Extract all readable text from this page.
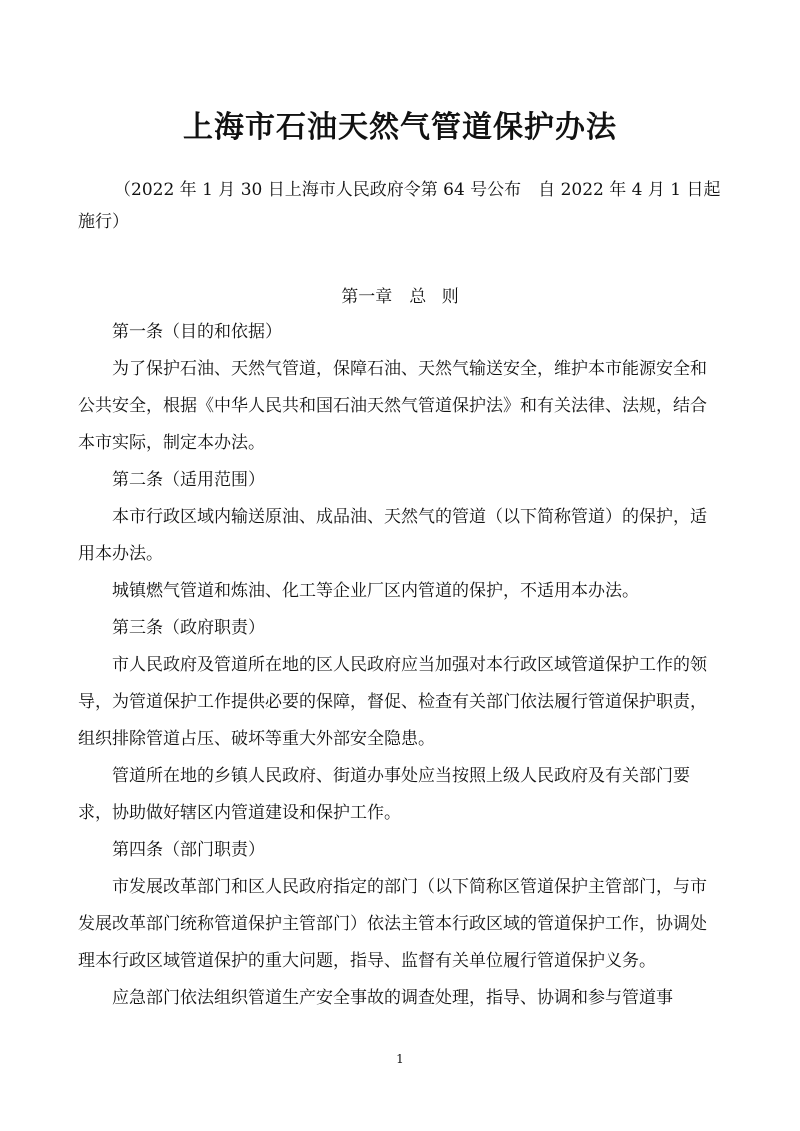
上海市石油天然气管道保护办法
（2022 年 1 月 30 日上海市人民政府令第 64 号公布　自 2022 年 4 月 1 日起
施行）
第一章　总 则

第一条（目的和依据）

为了保护石油、天然气管道，保障石油、天然气输送安全，维护本市能源安全和公共安全，根据《中华人民共和国石油天然气管道保护法》和有关法律、法规，结合本市实际，制定本办法。

第二条（适用范围）

本市行政区域内输送原油、成品油、天然气的管道（以下简称管道）的保护，适用本办法。

城镇燃气管道和炼油、化工等企业厂区内管道的保护，不适用本办法。

第三条（政府职责）

市人民政府及管道所在地的区人民政府应当加强对本行政区域管道保护工作的领导，为管道保护工作提供必要的保障，督促、检查有关部门依法履行管道保护职责，组织排除管道占压、破坏等重大外部安全隐患。

管道所在地的乡镇人民政府、街道办事处应当按照上级人民政府及有关部门要求，协助做好辖区内管道建设和保护工作。

第四条（部门职责）

市发展改革部门和区人民政府指定的部门（以下简称区管道保护主管部门，与市发展改革部门统称管道保护主管部门）依法主管本行政区域的管道保护工作，协调处理本行政区域管道保护的重大问题，指导、监督有关单位履行管道保护义务。

应急部门依法组织管道生产安全事故的调查处理，指导、协调和参与管道事

1
